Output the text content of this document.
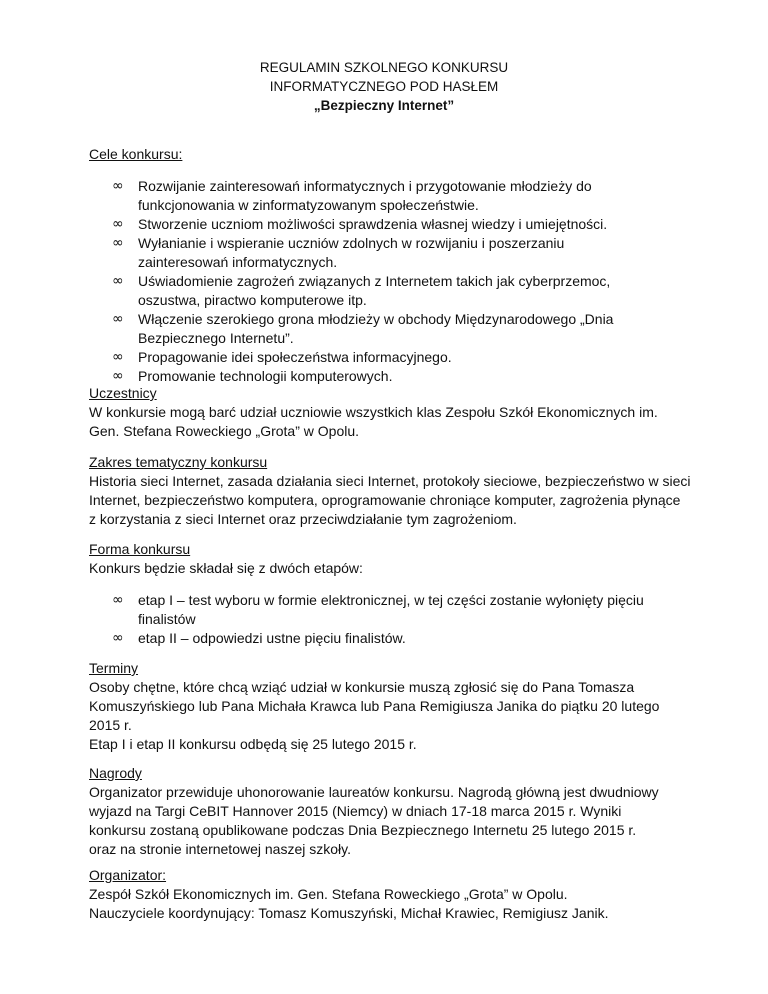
REGULAMIN SZKOLNEGO KONKURSU
INFORMATYCZNEGO POD HASŁEM
„Bezpieczny Internet”
Cele konkursu:
∞ Rozwijanie zainteresowań informatycznych i przygotowanie młodzieży do funkcjonowania w zinformatyzowanym społeczeństwie.
∞ Stworzenie uczniom możliwości sprawdzenia własnej wiedzy i umiejętności.
∞ Wyłanianie i wspieranie uczniów zdolnych w rozwijaniu i poszerzaniu zainteresowań informatycznych.
∞ Uświadomienie zagrożeń związanych z Internetem takich jak cyberprzemoc, oszustwa, piractwo komputerowe itp.
∞ Włączenie szerokiego grona młodzieży w obchody Międzynarodowego „Dnia Bezpiecznego Internetu”.
∞ Propagowanie idei społeczeństwa informacyjnego.
∞ Promowanie technologii komputerowych.
Uczestnicy
W konkursie mogą barć udział uczniowie wszystkich klas Zespołu Szkół Ekonomicznych im. Gen. Stefana Roweckiego „Grota” w Opolu.
Zakres tematyczny konkursu
Historia sieci Internet, zasada działania sieci Internet, protokoły sieciowe, bezpieczeństwo w sieci Internet, bezpieczeństwo komputera, oprogramowanie chroniące komputer, zagrożenia płynące z korzystania z sieci Internet oraz przeciwdziałanie tym zagrożeniom.
Forma konkursu
Konkurs będzie składał się z dwóch etapów:
∞ etap I – test wyboru w formie elektronicznej, w tej części zostanie wyłonięty pięciu finalistów
∞ etap II – odpowiedzi ustne pięciu finalistów.
Terminy
Osoby chętne, które chcą wziąć udział w konkursie muszą zgłosić się do Pana Tomasza Komuszyńskiego lub Pana Michała Krawca lub Pana Remigiusza Janika do piątku 20 lutego 2015 r.
Etap I i etap II konkursu odbędą się 25 lutego 2015 r.
Nagrody
Organizator przewiduje uhonorowanie laureatów konkursu. Nagrodą główną jest dwudniowy wyjazd na Targi CeBIT Hannover 2015 (Niemcy) w dniach 17-18 marca 2015 r. Wyniki konkursu zostaną opublikowane podczas Dnia Bezpiecznego Internetu 25 lutego 2015 r. oraz na stronie internetowej naszej szkoły.
Organizator:
Zespół Szkół Ekonomicznych im. Gen. Stefana Roweckiego „Grota” w Opolu.
Nauczyciele koordynujący: Tomasz Komuszyński, Michał Krawiec, Remigiusz Janik.
